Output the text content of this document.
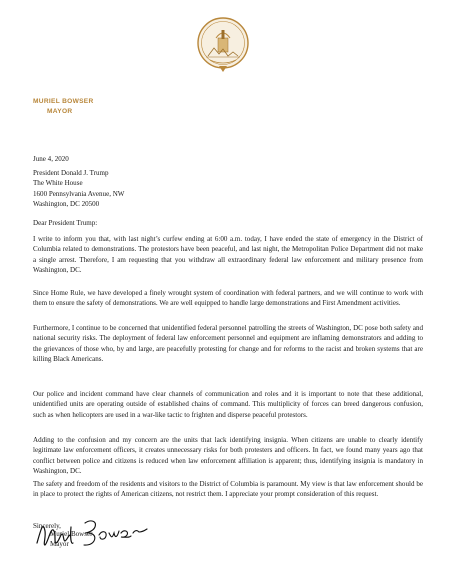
MURIEL BOWSER
MAYOR
June 4, 2020
President Donald J. Trump
The White House
1600 Pennsylvania Avenue, NW
Washington, DC 20500
Dear President Trump:

I write to inform you that, with last night’s curfew ending at 6:00 a.m. today, I have ended the state of emergency in the District of Columbia related to demonstrations. The protestors have been peaceful, and last night, the Metropolitan Police Department did not make a single arrest. Therefore, I am requesting that you withdraw all extraordinary federal law enforcement and military presence from Washington, DC.

Since Home Rule, we have developed a finely wrought system of coordination with federal partners, and we will continue to work with them to ensure the safety of demonstrations. We are well equipped to handle large demonstrations and First Amendment activities.

Furthermore, I continue to be concerned that unidentified federal personnel patrolling the streets of Washington, DC pose both safety and national security risks. The deployment of federal law enforcement personnel and equipment are inflaming demonstrators and adding to the grievances of those who, by and large, are peacefully protesting for change and for reforms to the racist and broken systems that are killing Black Americans.

Our police and incident command have clear channels of communication and roles and it is important to note that these additional, unidentified units are operating outside of established chains of command. This multiplicity of forces can breed dangerous confusion, such as when helicopters are used in a war-like tactic to frighten and disperse peaceful protestors.

Adding to the confusion and my concern are the units that lack identifying insignia. When citizens are unable to clearly identify legitimate law enforcement officers, it creates unnecessary risks for both protesters and officers. In fact, we found many years ago that conflict between police and citizens is reduced when law enforcement affiliation is apparent; thus, identifying insignia is mandatory in Washington, DC.

The safety and freedom of the residents and visitors to the District of Columbia is paramount. My view is that law enforcement should be in place to protect the rights of American citizens, not restrict them. I appreciate your prompt consideration of this request.

Sincerely,
Muriel Bowser
Mayor
